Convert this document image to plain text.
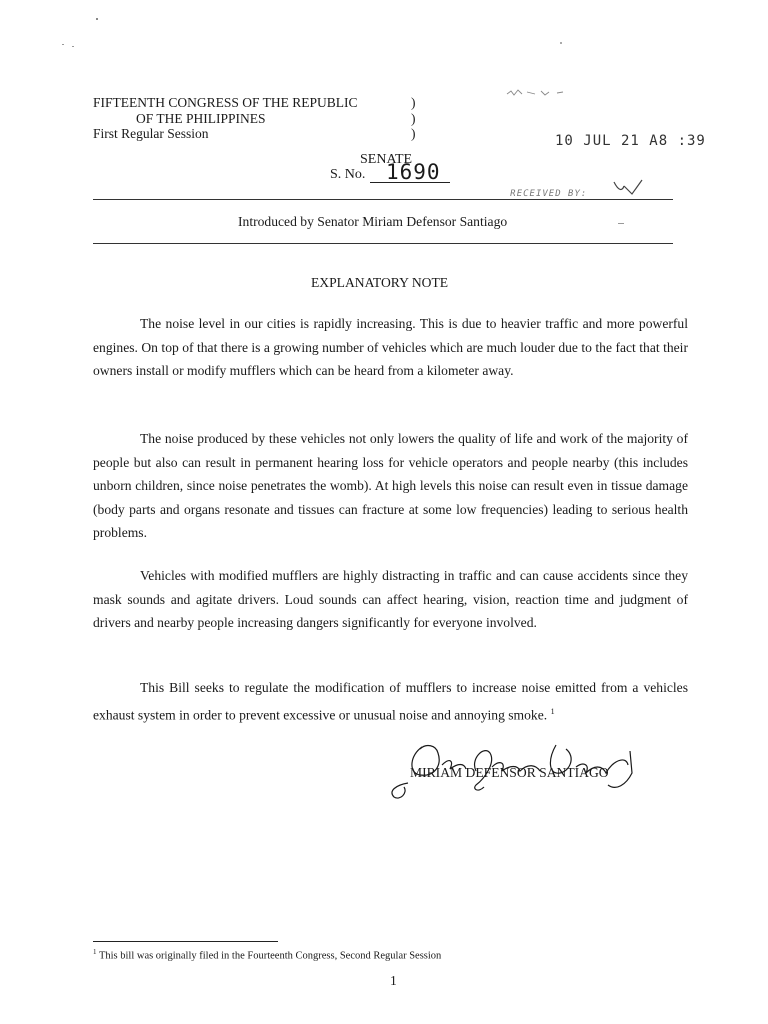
FIFTEENTH CONGRESS OF THE REPUBLIC
OF THE PHILIPPINES
First Regular Session
)
)
)	10 JUL 21 A8 :39
RECEIVED BY:
SENATE
S. No. 1690
Introduced by Senator Miriam Defensor Santiago
EXPLANATORY NOTE
The noise level in our cities is rapidly increasing. This is due to heavier traffic and more powerful engines. On top of that there is a growing number of vehicles which are much louder due to the fact that their owners install or modify mufflers which can be heard from a kilometer away.
The noise produced by these vehicles not only lowers the quality of life and work of the majority of people but also can result in permanent hearing loss for vehicle operators and people nearby (this includes unborn children, since noise penetrates the womb). At high levels this noise can result even in tissue damage (body parts and organs resonate and tissues can fracture at some low frequencies) leading to serious health problems.
Vehicles with modified mufflers are highly distracting in traffic and can cause accidents since they mask sounds and agitate drivers. Loud sounds can affect hearing, vision, reaction time and judgment of drivers and nearby people increasing dangers significantly for everyone involved.
This Bill seeks to regulate the modification of mufflers to increase noise emitted from a vehicles exhaust system in order to prevent excessive or unusual noise and annoying smoke. $^1$
MIRIAM DEFENSOR SANTIAGO
$^1$ This bill was originally filed in the Fourteenth Congress, Second Regular Session
1
